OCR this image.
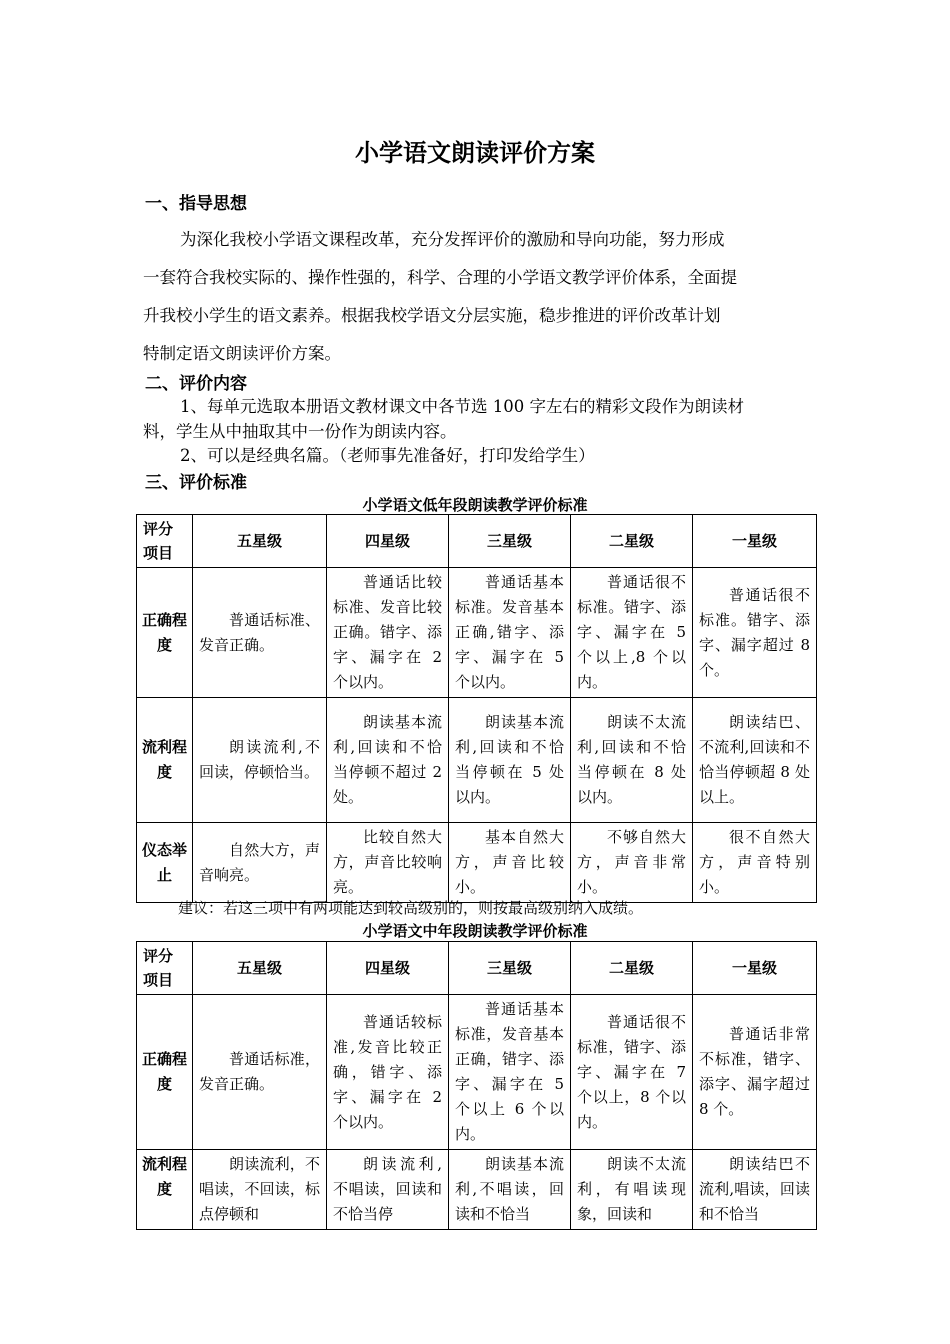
小学语文朗读评价方案
一、指导思想
为深化我校小学语文课程改革，充分发挥评价的激励和导向功能，努力形成
一套符合我校实际的、操作性强的，科学、合理的小学语文教学评价体系，全面提
升我校小学生的语文素养。根据我校学语文分层实施，稳步推进的评价改革计划
特制定语文朗读评价方案。
二、评价内容
1、每单元选取本册语文教材课文中各节选 100 字左右的精彩文段作为朗读材
料，学生从中抽取其中一份作为朗读内容。
2、可以是经典名篇。（老师事先准备好，打印发给学生）
三、评价标准
小学语文低年段朗读教学评价标准
评分项目	五星级	四星级	三星级	二星级	一星级
正确程度	普通话标准、发音正确。	普通话比较标准、发音比较正确。错字、添字、漏字在 2 个以内。	普通话基本标准。发音基本正确,错字、添字、漏字在 5 个以内。	普通话很不标准。错字、添字、漏字在 5 个以上,8 个以内。	普通话很不标准。错字、添字、漏字超过 8 个。
流利程度	朗读流利,不回读，停顿恰当。	朗读基本流利,回读和不恰当停顿不超过 2 处。	朗读基本流利,回读和不恰当停顿在 5 处以内。	朗读不太流利,回读和不恰当停顿在 8 处以内。	朗读结巴、不流利,回读和不恰当停顿超 8 处以上。
仪态举止	自然大方，声音响亮。	比较自然大方，声音比较响亮。	基本自然大方，声音比较小。	不够自然大方，声音非常小。	很不自然大方，声音特别小。
建议：若这三项中有两项能达到较高级别的，则按最高级别纳入成绩。
小学语文中年段朗读教学评价标准
评分项目	五星级	四星级	三星级	二星级	一星级
正确程度	普通话标准，发音正确。	普通话较标准,发音比较正确，错字、添字、漏字在 2 个以内。	普通话基本标准，发音基本正确，错字、添字、漏字在 5 个以上 6 个以内。	普通话很不标准，错字、添字、漏字在 7 个以上，8 个以内。	普通话非常不标准，错字、添字、漏字超过 8 个。
流利程度	朗读流利，不唱读，不回读，标点停顿和	朗读流利,不唱读，回读和不恰当停	朗读基本流利,不唱读，回读和不恰当	朗读不太流利，有唱读现象，回读和	朗读结巴不流利,唱读，回读和不恰当
